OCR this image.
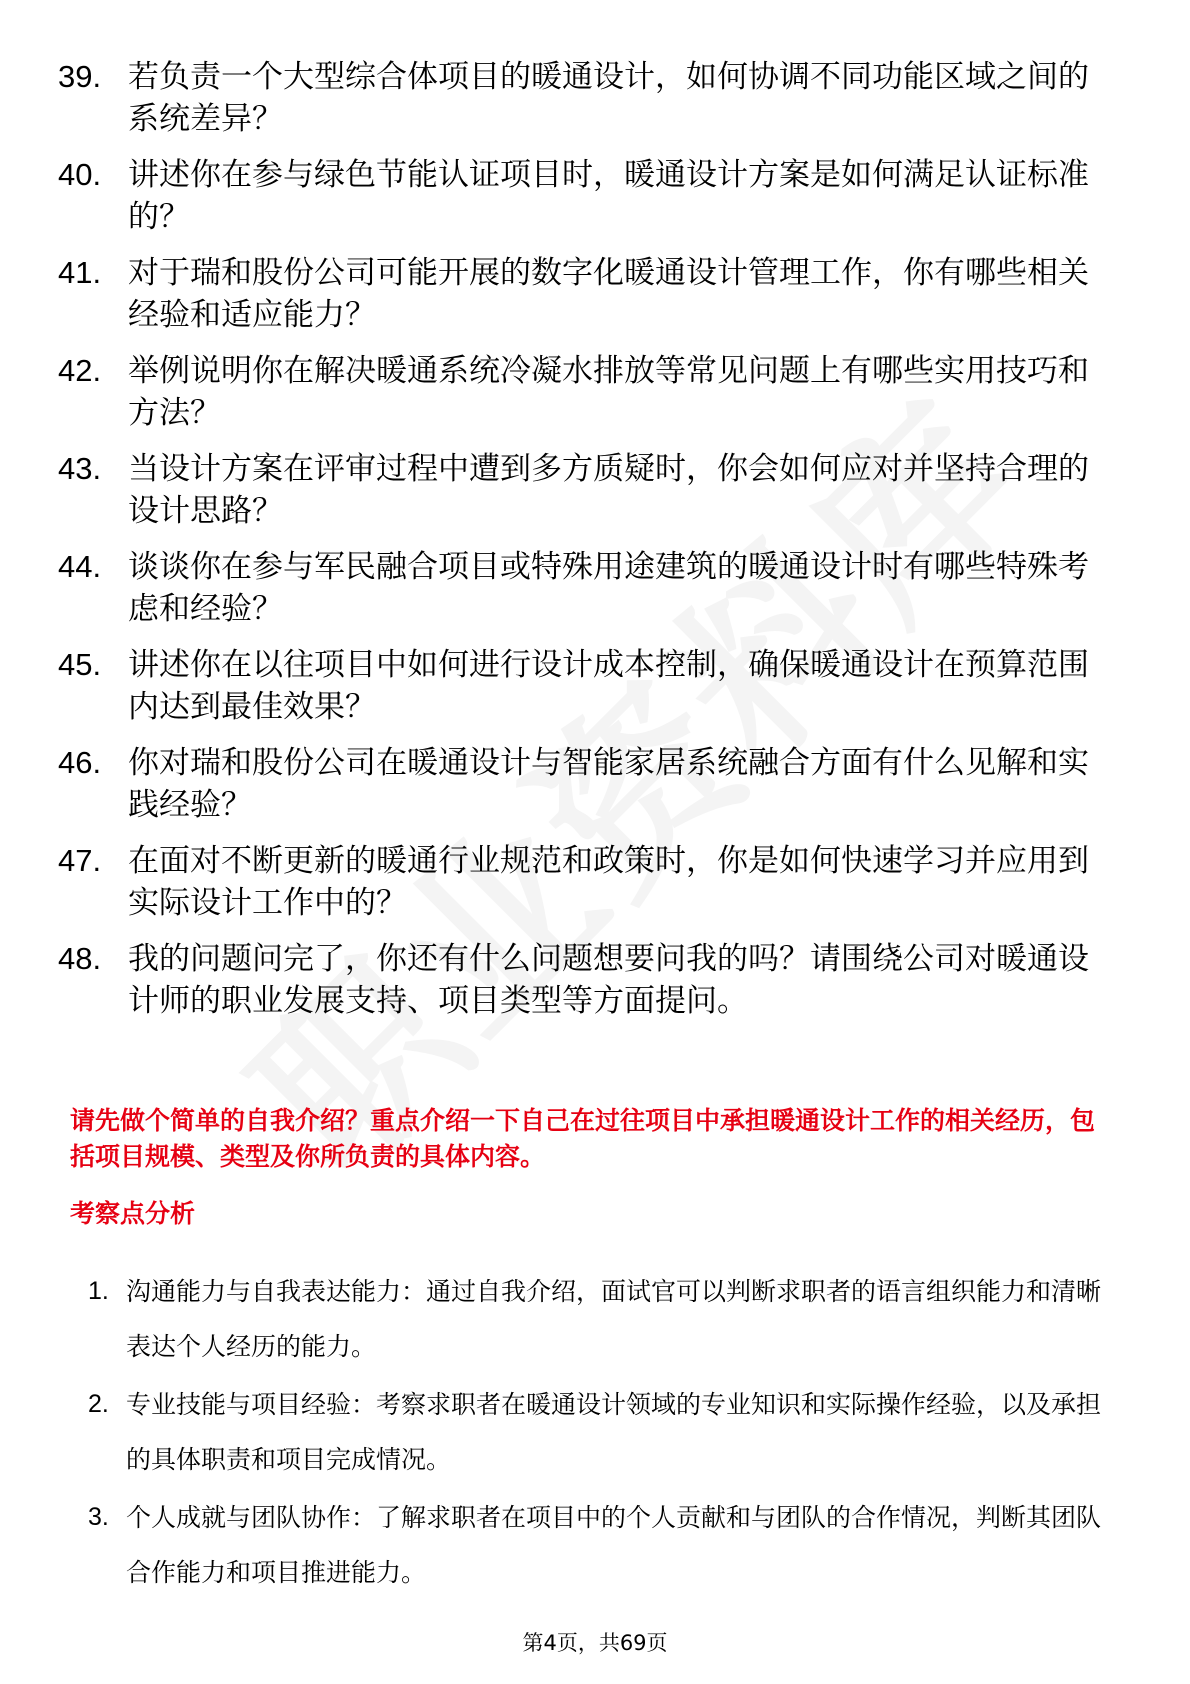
39. 若负责一个大型综合体项目的暖通设计，如何协调不同功能区域之间的系统差异？
40. 讲述你在参与绿色节能认证项目时，暖通设计方案是如何满足认证标准的？
41. 对于瑞和股份公司可能开展的数字化暖通设计管理工作，你有哪些相关经验和适应能力？
42. 举例说明你在解决暖通系统冷凝水排放等常见问题上有哪些实用技巧和方法？
43. 当设计方案在评审过程中遭到多方质疑时，你会如何应对并坚持合理的设计思路？
44. 谈谈你在参与军民融合项目或特殊用途建筑的暖通设计时有哪些特殊考虑和经验？
45. 讲述你在以往项目中如何进行设计成本控制，确保暖通设计在预算范围内达到最佳效果？
46. 你对瑞和股份公司在暖通设计与智能家居系统融合方面有什么见解和实践经验？
47. 在面对不断更新的暖通行业规范和政策时，你是如何快速学习并应用到实际设计工作中的？
48. 我的问题问完了，你还有什么问题想要问我的吗？请围绕公司对暖通设计师的职业发展支持、项目类型等方面提问。

请先做个简单的自我介绍？重点介绍一下自己在过往项目中承担暖通设计工作的相关经历，包括项目规模、类型及你所负责的具体内容。

考察点分析
1. 沟通能力与自我表达能力：通过自我介绍，面试官可以判断求职者的语言组织能力和清晰表达个人经历的能力。
2. 专业技能与项目经验：考察求职者在暖通设计领域的专业知识和实际操作经验，以及承担的具体职责和项目完成情况。
3. 个人成就与团队协作：了解求职者在项目中的个人贡献和与团队的合作情况，判断其团队合作能力和项目推进能力。
第4页，共69页
